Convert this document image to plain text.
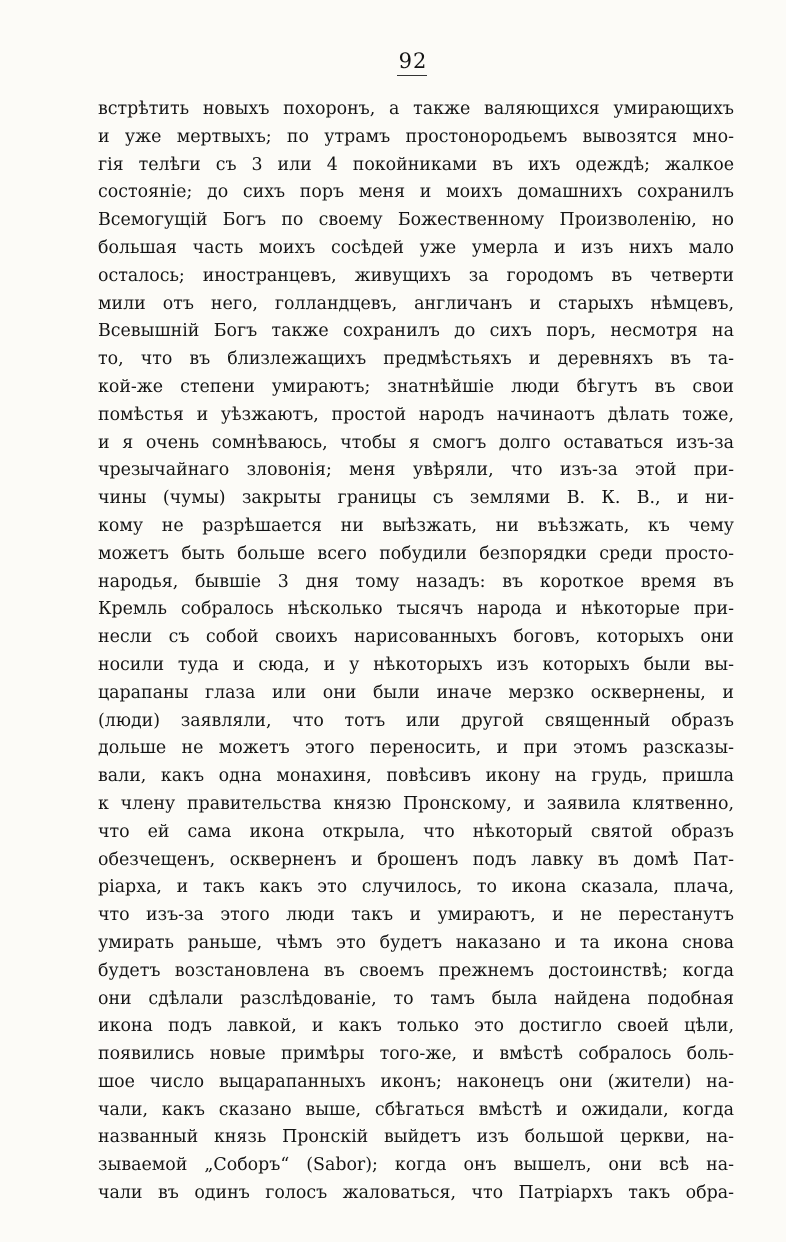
92
встрѣтить новыхъ похоронъ, а также валяющихся умирающихъ
и уже мертвыхъ; по утрамъ простонородьемъ вывозятся мно-
гія телѣги съ 3 или 4 покойниками въ ихъ одеждѣ; жалкое
состояніе; до сихъ поръ меня и моихъ домашнихъ сохранилъ
Всемогущій Богъ по своему Божественному Произволенію, но
большая часть моихъ сосѣдей уже умерла и изъ нихъ мало
осталось; иностранцевъ, живущихъ за городомъ въ четверти
мили отъ него, голландцевъ, англичанъ и старыхъ нѣмцевъ,
Всевышній Богъ также сохранилъ до сихъ поръ, несмотря на
то, что въ близлежащихъ предмѣстьяхъ и деревняхъ въ та-
кой-же степени умираютъ; знатнѣйшіе люди бѣгутъ въ свои
помѣстья и уѣзжаютъ, простой народъ начинаотъ дѣлать тоже,
и я очень сомнѣваюсь, чтобы я смогъ долго оставаться изъ-за
чрезычайнаго зловонія; меня увѣряли, что изъ-за этой при-
чины (чумы) закрыты границы съ землями В. К. В., и ни-
кому не разрѣшается ни выѣзжать, ни въѣзжать, къ чему
можетъ быть больше всего побудили безпорядки среди просто-
народья, бывшіе 3 дня тому назадъ: въ короткое время въ
Кремль собралось нѣсколько тысячъ народа и нѣкоторые при-
несли съ собой своихъ нарисованныхъ боговъ, которыхъ они
носили туда и сюда, и у нѣкоторыхъ изъ которыхъ были вы-
царапаны глаза или они были иначе мерзко осквернены, и
(люди) заявляли, что тотъ или другой священный образъ
дольше не можетъ этого переносить, и при этомъ разсказы-
вали, какъ одна монахиня, повѣсивъ икону на грудь, пришла
к члену правительства князю Пронскому, и заявила клятвенно,
что ей сама икона открыла, что нѣкоторый святой образъ
обезчещенъ, оскверненъ и брошенъ подъ лавку въ домѣ Пат-
ріарха, и такъ какъ это случилось, то икона сказала, плача,
что изъ-за этого люди такъ и умираютъ, и не перестанутъ
умирать раньше, чѣмъ это будетъ наказано и та икона снова
будетъ возстановлена въ своемъ прежнемъ достоинствѣ; когда
они сдѣлали разслѣдованіе, то тамъ была найдена подобная
икона подъ лавкой, и какъ только это достигло своей цѣли,
появились новые примѣры того-же, и вмѣстѣ собралось боль-
шое число выцарапанныхъ иконъ; наконецъ они (жители) на-
чали, какъ сказано выше, сбѣгаться вмѣстѣ и ожидали, когда
названный князь Пронскій выйдетъ изъ большой церкви, на-
зываемой „Соборъ“ (Sabor); когда онъ вышелъ, они всѣ на-
чали въ одинъ голосъ жаловаться, что Патріархъ такъ обра-
